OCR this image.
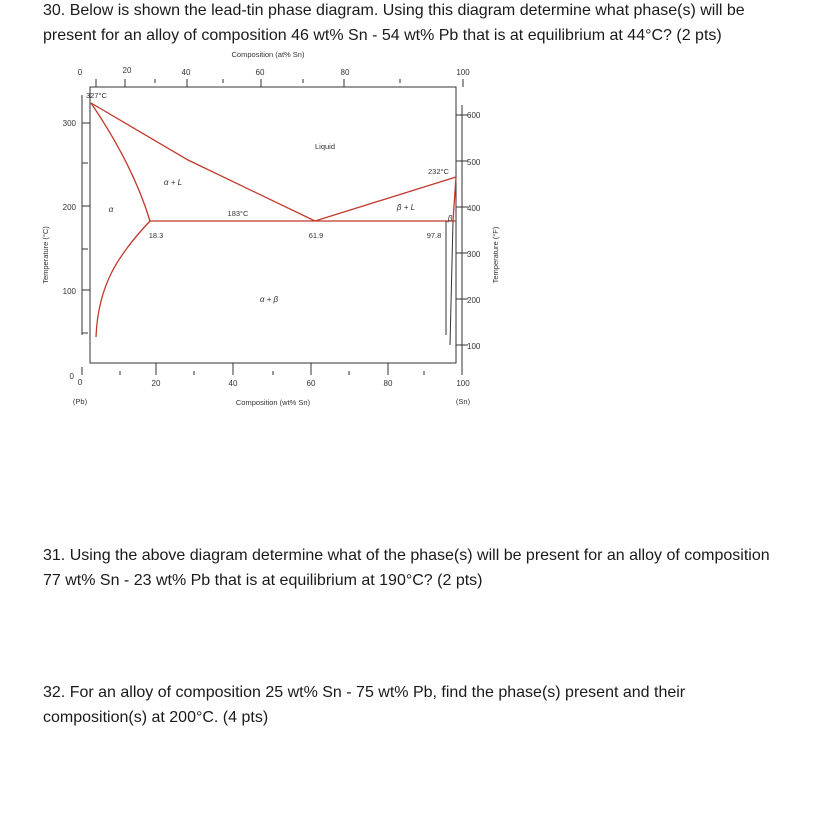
30. Below is shown the lead-tin phase diagram. Using this diagram determine what phase(s) will be
present for an alloy of composition 46 wt% Sn - 54 wt% Pb that is at equilibrium at 44°C? (2 pts)

Composition (at% Sn)
0	20	40	60	80	100
Temperature (°C)
300
200
100
0
Temperature (°F)
600
500
400
300
200
100
0	20	40	60	80	100
(Pb)	Composition (wt% Sn)	(Sn)
Liquid
α + L
β + L
α
β
α + β
327°C
232°C
183°C
18.3	61.9	97.8

31. Using the above diagram determine what of the phase(s) will be present for an alloy of composition
77 wt% Sn - 23 wt% Pb that is at equilibrium at 190°C? (2 pts)

32. For an alloy of composition 25 wt% Sn - 75 wt% Pb, find the phase(s) present and their
composition(s) at 200°C. (4 pts)
